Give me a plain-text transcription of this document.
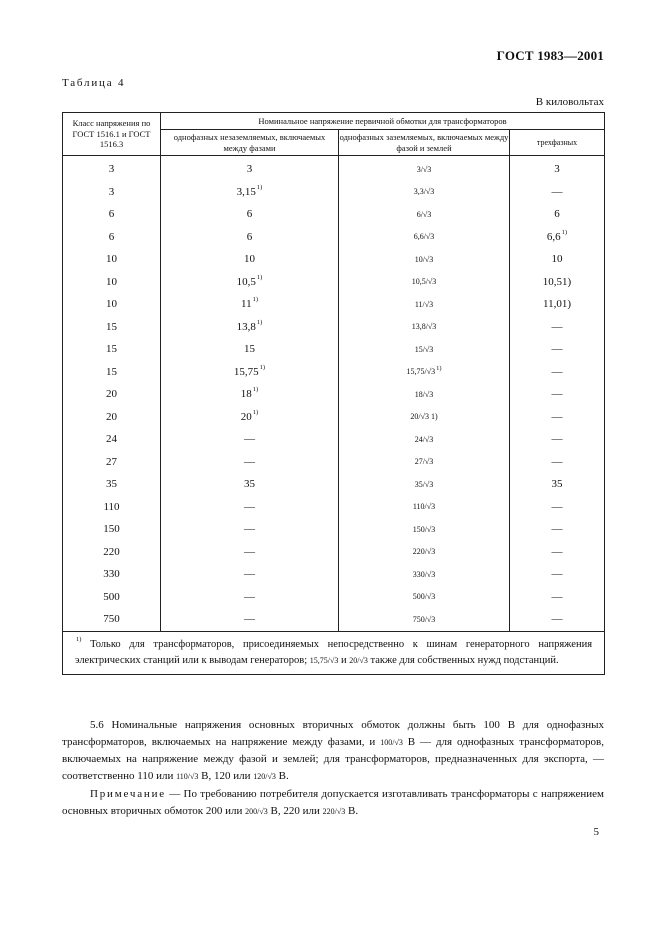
ГОСТ 1983—2001
Таблица 4
В киловольтах
Класс напряжения по ГОСТ 1516.1 и ГОСТ 1516.3	Номинальное напряжение первичной обмотки для трансформаторов		
	однофазных незаземляемых, включаемых между фазами	однофазных заземляемых, включаемых между фазой и землей	трехфазных
3	3	3/√3	3
3	3,15$^{1)}$	3,3/√3	—
6	6	6/√3	6
6	6	6,6/√3	6,6$^{1)}$
10	10	10/√3	10
10	10,5$^{1)}$	10,5/√3	10,51)
10	11$^{1)}$	11/√3	11,01)
15	13,8$^{1)}$	13,8/√3	—
15	15	15/√3	—
15	15,75$^{1)}$	15,75/√3$^{1)}$	—
20	18$^{1)}$	18/√3	—
20	20$^{1)}$	20/√3 1)	—
24	—	24/√3	—
27	—	27/√3	—
35	35	35/√3	35
110	—	110/√3	—
150	—	150/√3	—
220	—	220/√3	—
330	—	330/√3	—
500	—	500/√3	—
750	—	750/√3	—
$^{1)}$ Только для трансформаторов, присоединяемых непосредственно к шинам генераторного напряжения электрических станций или к выводам генераторов; 15,75/√3 и 20/√3 также для собственных нужд подстанций.			
5.6 Номинальные напряжения основных вторичных обмоток должны быть 100 В для однофазных трансформаторов, включаемых на напряжение между фазами, и 100/√3 В — для однофазных трансформаторов, включаемых на напряжение между фазой и землей; для трансформаторов, предназначенных для экспорта, — соответственно 110 или 110/√3 В, 120 или 120/√3 В.
Примечание — По требованию потребителя допускается изготавливать трансформаторы с напряжением основных вторичных обмоток 200 или 200/√3 В, 220 или 220/√3 В.
5
